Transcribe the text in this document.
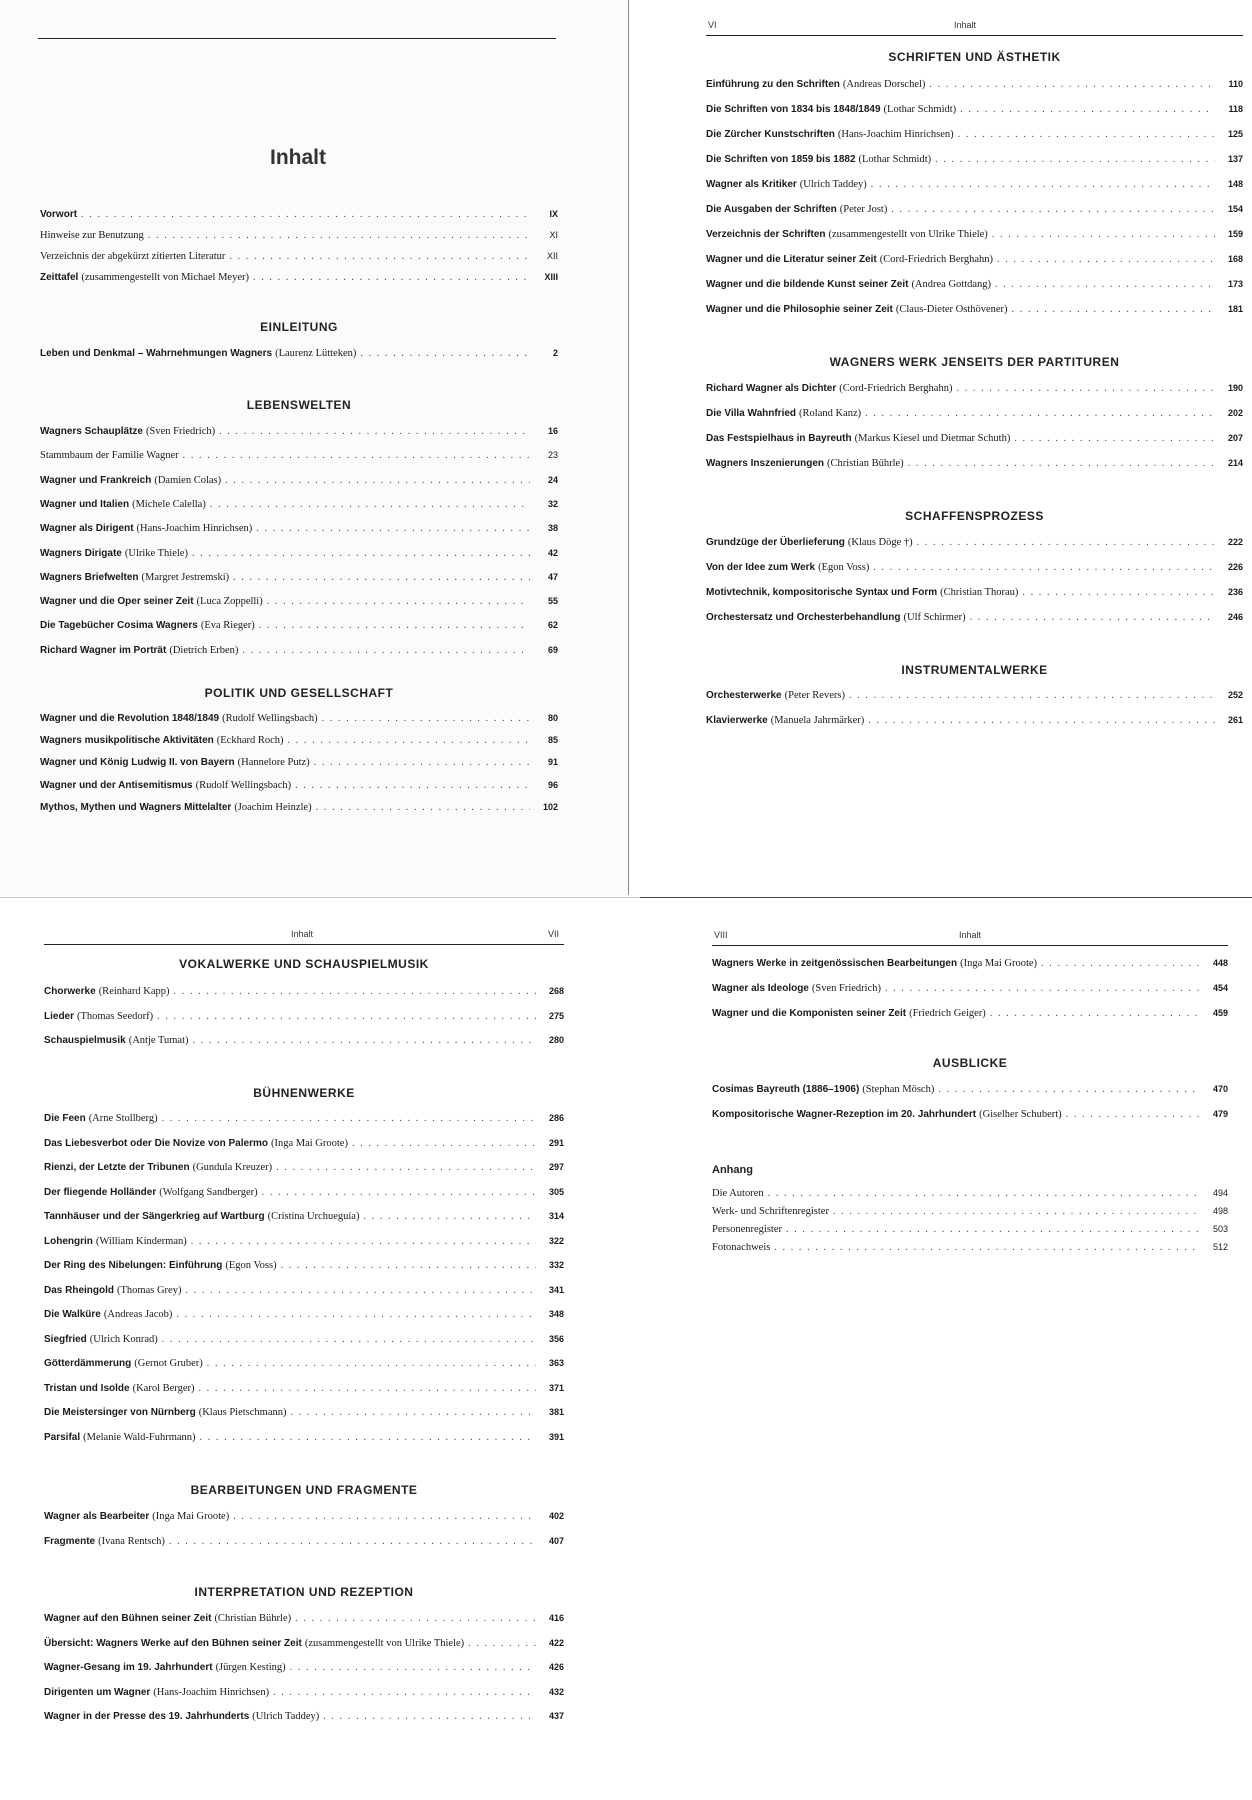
Inhalt
Vorwort . . .	IX
Hinweise zur Benutzung . . .	XI
Verzeichnis der abgekürzt zitierten Literatur . . .	XII
Zeittafel (zusammengestellt von Michael Meyer) . . .	XIII
EINLEITUNG
Leben und Denkmal – Wahrnehmungen Wagners (Laurenz Lütteken) . . .	2
LEBENSWELTEN
Wagners Schauplätze (Sven Friedrich) . . .	16
Stammbaum der Familie Wagner . . .	23
Wagner und Frankreich (Damien Colas) . . .	24
Wagner und Italien (Michele Calella) . . .	32
Wagner als Dirigent (Hans-Joachim Hinrichsen) . . .	38
Wagners Dirigate (Ulrike Thiele) . . .	42
Wagners Briefwelten (Margret Jestremski) . . .	47
Wagner und die Oper seiner Zeit (Luca Zoppelli) . . .	55
Die Tagebücher Cosima Wagners (Eva Rieger) . . .	62
Richard Wagner im Porträt (Dietrich Erben) . . .	69
POLITIK UND GESELLSCHAFT
Wagner und die Revolution 1848/1849 (Rudolf Wellingsbach) . . .	80
Wagners musikpolitische Aktivitäten (Eckhard Roch) . . .	85
Wagner und König Ludwig II. von Bayern (Hannelore Putz) . . .	91
Wagner und der Antisemitismus (Rudolf Wellingsbach) . . .	96
Mythos, Mythen und Wagners Mittelalter (Joachim Heinzle) . . .	102
VI	Inhalt
SCHRIFTEN UND ÄSTHETIK
Einführung zu den Schriften (Andreas Dorschel) . . .	110
Die Schriften von 1834 bis 1848/1849 (Lothar Schmidt) . . .	118
Die Zürcher Kunstschriften (Hans-Joachim Hinrichsen) . . .	125
Die Schriften von 1859 bis 1882 (Lothar Schmidt) . . .	137
Wagner als Kritiker (Ulrich Taddey) . . .	148
Die Ausgaben der Schriften (Peter Jost) . . .	154
Verzeichnis der Schriften (zusammengestellt von Ulrike Thiele) . . .	159
Wagner und die Literatur seiner Zeit (Cord-Friedrich Berghahn) . . .	168
Wagner und die bildende Kunst seiner Zeit (Andrea Gottdang) . . .	173
Wagner und die Philosophie seiner Zeit (Claus-Dieter Osthövener) . . .	181
WAGNERS WERK JENSEITS DER PARTITUREN
Richard Wagner als Dichter (Cord-Friedrich Berghahn) . . .	190
Die Villa Wahnfried (Roland Kanz) . . .	202
Das Festspielhaus in Bayreuth (Markus Kiesel und Dietmar Schuth) . . .	207
Wagners Inszenierungen (Christian Bührle) . . .	214
SCHAFFENSPROZESS
Grundzüge der Überlieferung (Klaus Döge †) . . .	222
Von der Idee zum Werk (Egon Voss) . . .	226
Motivtechnik, kompositorische Syntax und Form (Christian Thorau) . . .	236
Orchestersatz und Orchesterbehandlung (Ulf Schirmer) . . .	246
INSTRUMENTALWERKE
Orchesterwerke (Peter Revers) . . .	252
Klavierwerke (Manuela Jahrmärker) . . .	261
Inhalt	VII
VOKALWERKE UND SCHAUSPIELMUSIK
Chorwerke (Reinhard Kapp) . . .	268
Lieder (Thomas Seedorf) . . .	275
Schauspielmusik (Antje Tumat) . . .	280
BÜHNENWERKE
Die Feen (Arne Stollberg) . . .	286
Das Liebesverbot oder Die Novize von Palermo (Inga Mai Groote) . . .	291
Rienzi, der Letzte der Tribunen (Gundula Kreuzer) . . .	297
Der fliegende Holländer (Wolfgang Sandberger) . . .	305
Tannhäuser und der Sängerkrieg auf Wartburg (Cristina Urchueguía) . . .	314
Lohengrin (William Kinderman) . . .	322
Der Ring des Nibelungen: Einführung (Egon Voss) . . .	332
Das Rheingold (Thomas Grey) . . .	341
Die Walküre (Andreas Jacob) . . .	348
Siegfried (Ulrich Konrad) . . .	356
Götterdämmerung (Gernot Gruber) . . .	363
Tristan und Isolde (Karol Berger) . . .	371
Die Meistersinger von Nürnberg (Klaus Pietschmann) . . .	381
Parsifal (Melanie Wald-Fuhrmann) . . .	391
BEARBEITUNGEN UND FRAGMENTE
Wagner als Bearbeiter (Inga Mai Groote) . . .	402
Fragmente (Ivana Rentsch) . . .	407
INTERPRETATION UND REZEPTION
Wagner auf den Bühnen seiner Zeit (Christian Bührle) . . .	416
Übersicht: Wagners Werke auf den Bühnen seiner Zeit (zusammengestellt von Ulrike Thiele) . . .	422
Wagner-Gesang im 19. Jahrhundert (Jürgen Kesting) . . .	426
Dirigenten um Wagner (Hans-Joachim Hinrichsen) . . .	432
Wagner in der Presse des 19. Jahrhunderts (Ulrich Taddey) . . .	437
VIII	Inhalt
Wagners Werke in zeitgenössischen Bearbeitungen (Inga Mai Groote) . . .	448
Wagner als Ideologe (Sven Friedrich) . . .	454
Wagner und die Komponisten seiner Zeit (Friedrich Geiger) . . .	459
AUSBLICKE
Cosimas Bayreuth (1886–1906) (Stephan Mösch) . . .	470
Kompositorische Wagner-Rezeption im 20. Jahrhundert (Giselher Schubert) . . .	479
Anhang
Die Autoren . . .	494
Werk- und Schriftenregister . . .	498
Personenregister . . .	503
Fotonachweis . . .	512
